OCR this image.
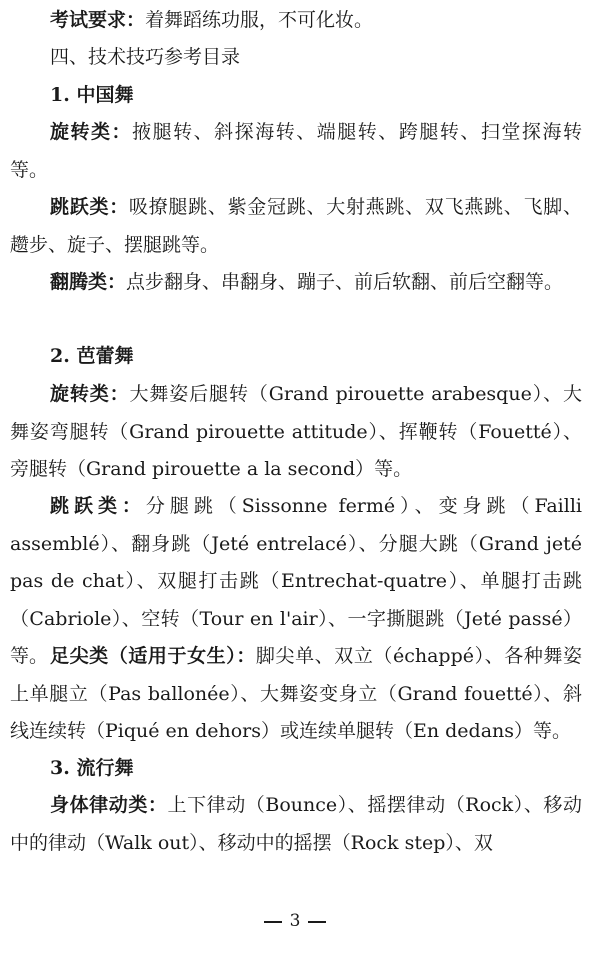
考试要求：着舞蹈练功服，不可化妆。

四、技术技巧参考目录

1. 中国舞

旋转类：掖腿转、斜探海转、端腿转、跨腿转、扫堂探海转等。

跳跃类：吸撩腿跳、紫金冠跳、大射燕跳、双飞燕跳、飞脚、趱步、旋子、摆腿跳等。

翻腾类：点步翻身、串翻身、蹦子、前后软翻、前后空翻等。

2. 芭蕾舞

旋转类：大舞姿后腿转（Grand pirouette arabesque）、大舞姿弯腿转（Grand pirouette attitude）、挥鞭转（Fouetté）、旁腿转（Grand pirouette a la second）等。

跳跃类：分腿跳（Sissonne fermé）、变身跳（Failli assemblé）、翻身跳（Jeté entrelacé）、分腿大跳（Grand jeté pas de chat）、双腿打击跳（Entrechat-quatre）、单腿打击跳（Cabriole）、空转（Tour en l'air）、一字撕腿跳（Jeté passé）等。 足尖类（适用于女生）：脚尖单、双立（échappé）、各种舞姿上单腿立（Pas ballonée）、大舞姿变身立（Grand fouetté）、斜线连续转（Piqué en dehors）或连续单腿转（En dedans）等。

3. 流行舞

身体律动类：上下律动（Bounce）、摇摆律动（Rock）、移动中的律动（Walk out）、移动中的摇摆（Rock step）、双

3
